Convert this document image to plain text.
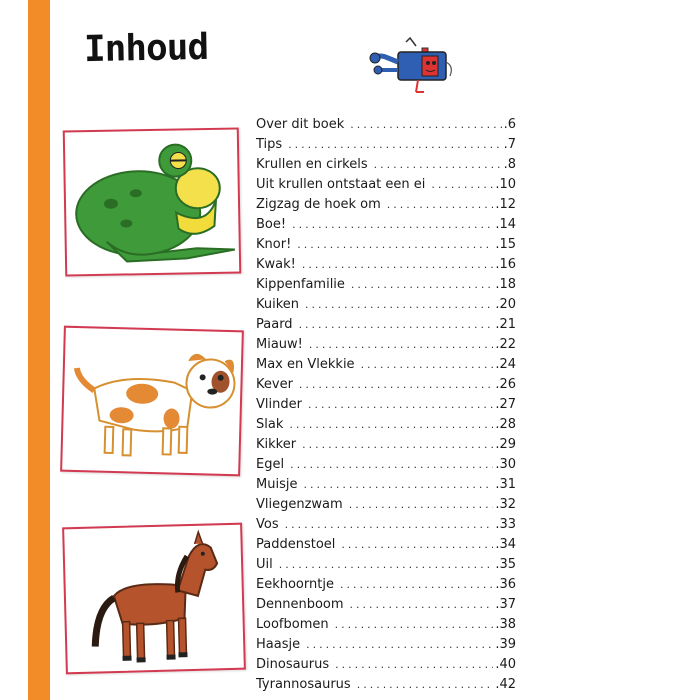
Inhoud
Over dit boek .....	.6
Tips .....	.7
Krullen en cirkels .....	.8
Uit krullen ontstaat een ei .....	.10
Zigzag de hoek om .....	.12
Boe! .....	.14
Knor! .....	.15
Kwak! .....	.16
Kippenfamilie .....	.18
Kuiken .....	.20
Paard .....	.21
Miauw! .....	.22
Max en Vlekkie .....	.24
Kever .....	.26
Vlinder .....	.27
Slak .....	.28
Kikker .....	.29
Egel .....	.30
Muisje .....	.31
Vliegenzwam .....	.32
Vos .....	.33
Paddenstoel .....	.34
Uil .....	.35
Eekhoorntje .....	.36
Dennenboom .....	.37
Loofbomen .....	.38
Haasje .....	.39
Dinosaurus .....	.40
Tyrannosaurus .....	.42
